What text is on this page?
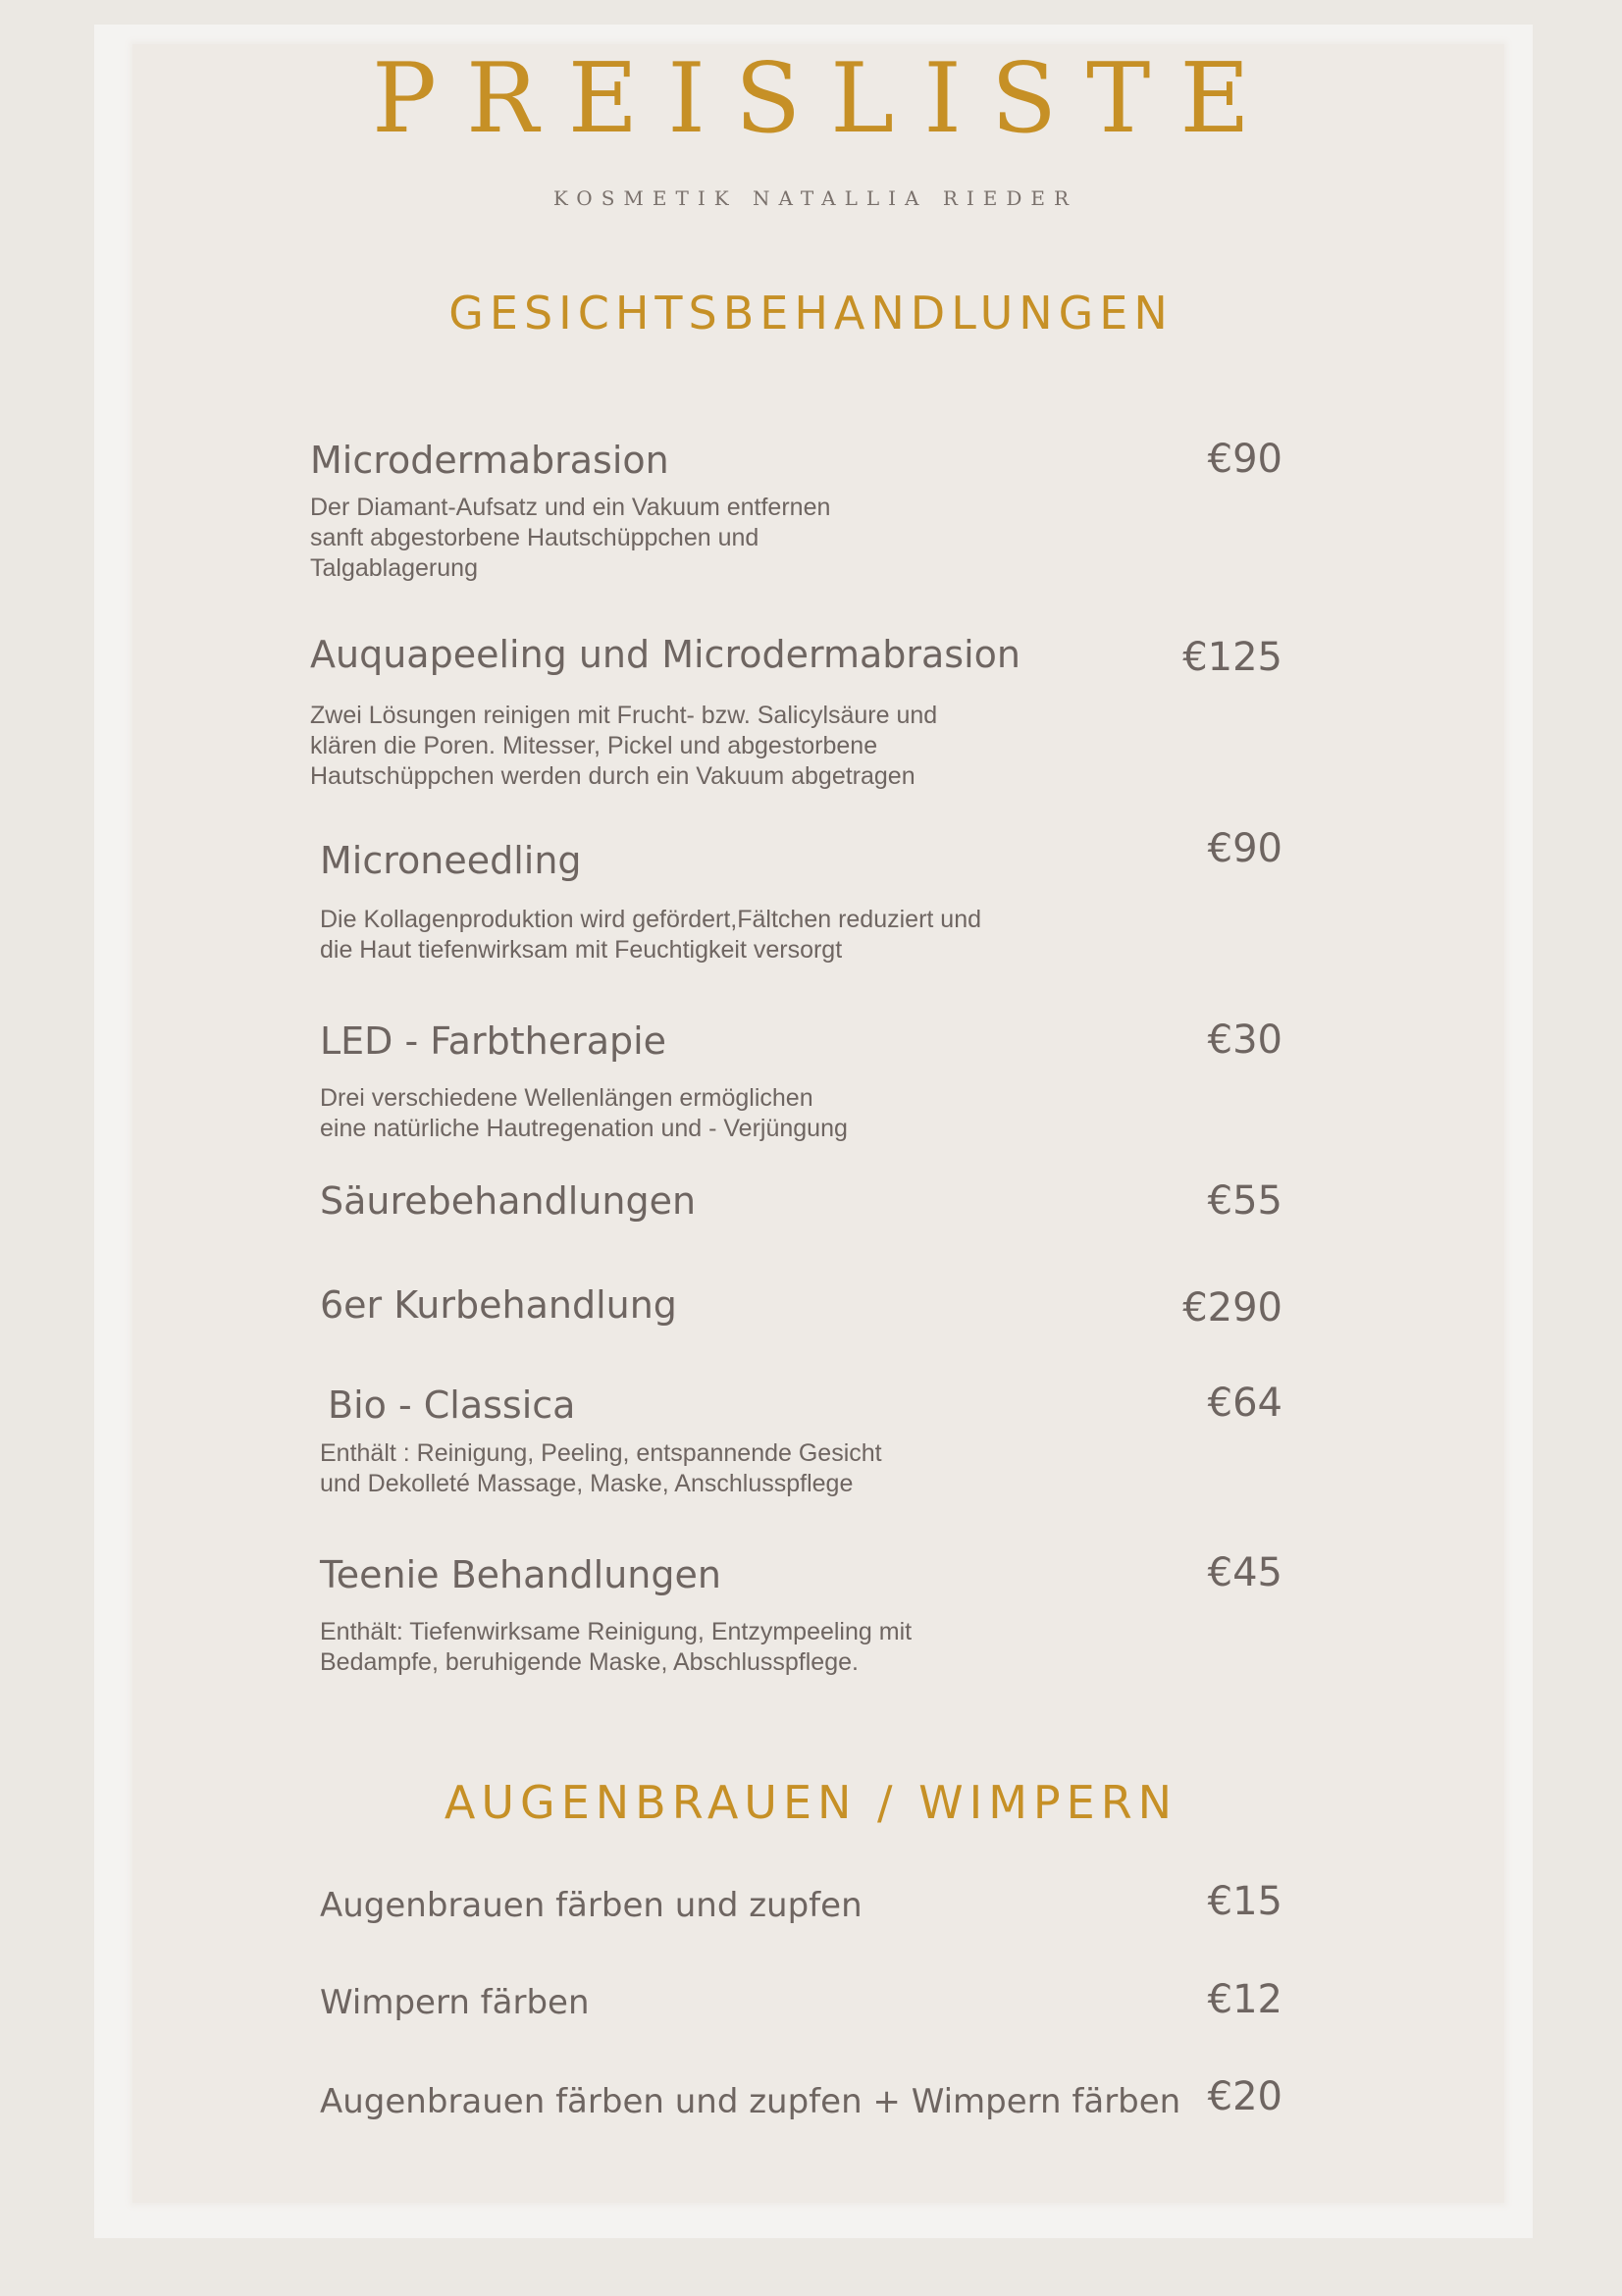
PREISLISTE
KOSMETIK NATALLIA RIEDER
GESICHTSBEHANDLUNGEN
Microdermabrasion	€90
Der Diamant-Aufsatz und ein Vakuum entfernen
sanft abgestorbene Hautschüppchen und
Talgablagerung
Auquapeeling und Microdermabrasion	€125
Zwei Lösungen reinigen mit Frucht- bzw. Salicylsäure und
klären die Poren. Mitesser, Pickel und abgestorbene
Hautschüppchen werden durch ein Vakuum abgetragen
Microneedling	€90
Die Kollagenproduktion wird gefördert,Fältchen reduziert und
die Haut tiefenwirksam mit Feuchtigkeit versorgt
LED - Farbtherapie	€30
Drei verschiedene Wellenlängen ermöglichen
eine natürliche Hautregenation und - Verjüngung
Säurebehandlungen	€55
6er Kurbehandlung	€290
Bio - Classica	€64
Enthält : Reinigung, Peeling, entspannende Gesicht
und Dekolleté Massage, Maske, Anschlusspflege
Teenie Behandlungen	€45
Enthält: Tiefenwirksame Reinigung, Entzympeeling mit
Bedampfe, beruhigende Maske, Abschlusspflege.
AUGENBRAUEN / WIMPERN
Augenbrauen färben und zupfen	€15
Wimpern färben	€12
Augenbrauen färben und zupfen + Wimpern färben €20
